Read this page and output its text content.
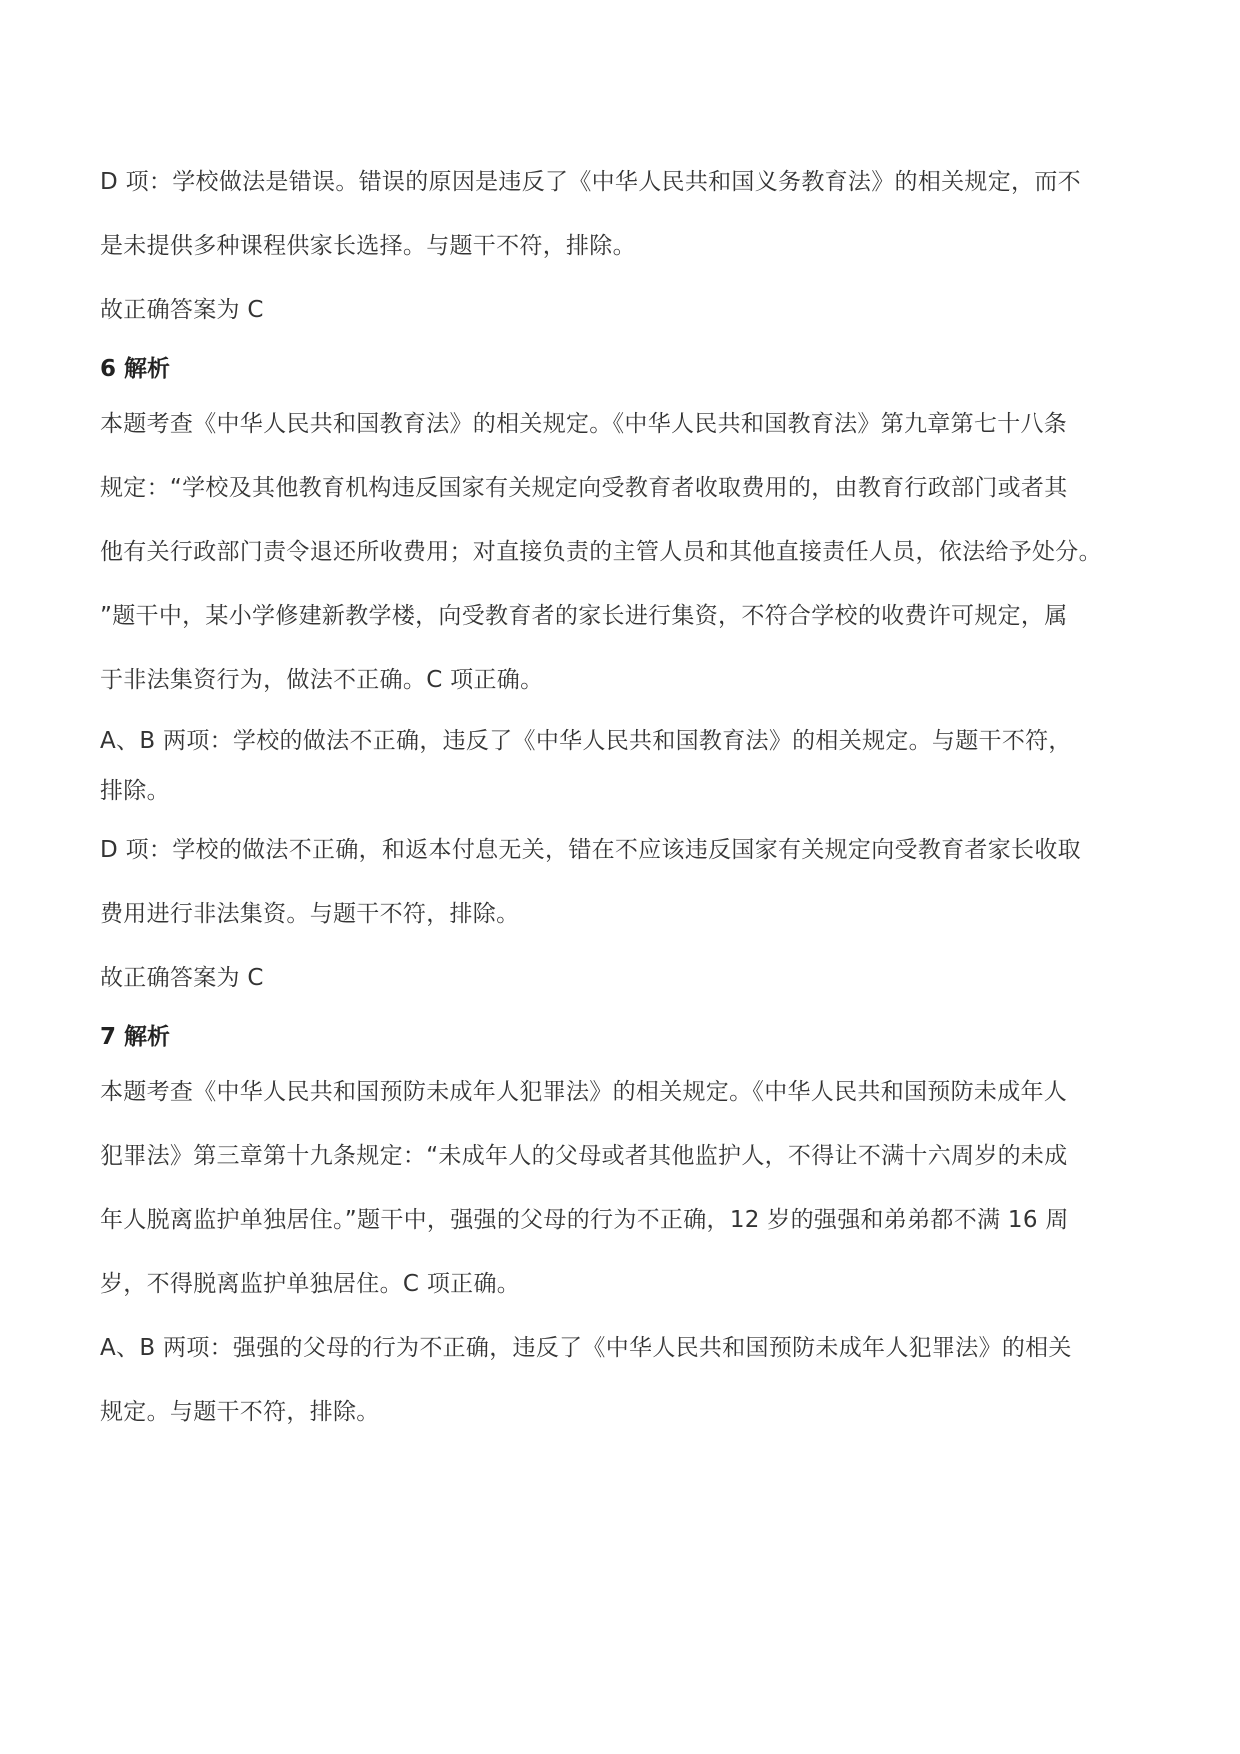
D 项：学校做法是错误。错误的原因是违反了《中华人民共和国义务教育法》的相关规定，而不
是未提供多种课程供家长选择。与题干不符，排除。

故正确答案为 C

6 解析

本题考查《中华人民共和国教育法》的相关规定。《中华人民共和国教育法》第九章第七十八条
规定：“学校及其他教育机构违反国家有关规定向受教育者收取费用的，由教育行政部门或者其
他有关行政部门责令退还所收费用；对直接负责的主管人员和其他直接责任人员，依法给予处分。
”题干中，某小学修建新教学楼，向受教育者的家长进行集资，不符合学校的收费许可规定，属
于非法集资行为，做法不正确。C 项正确。

A、B 两项：学校的做法不正确，违反了《中华人民共和国教育法》的相关规定。与题干不符，
排除。

D 项：学校的做法不正确，和返本付息无关，错在不应该违反国家有关规定向受教育者家长收取
费用进行非法集资。与题干不符，排除。

故正确答案为 C

7 解析

本题考查《中华人民共和国预防未成年人犯罪法》的相关规定。《中华人民共和国预防未成年人
犯罪法》第三章第十九条规定：“未成年人的父母或者其他监护人，不得让不满十六周岁的未成
年人脱离监护单独居住。”题干中，强强的父母的行为不正确，12 岁的强强和弟弟都不满 16 周
岁，不得脱离监护单独居住。C 项正确。

A、B 两项：强强的父母的行为不正确，违反了《中华人民共和国预防未成年人犯罪法》的相关
规定。与题干不符，排除。
